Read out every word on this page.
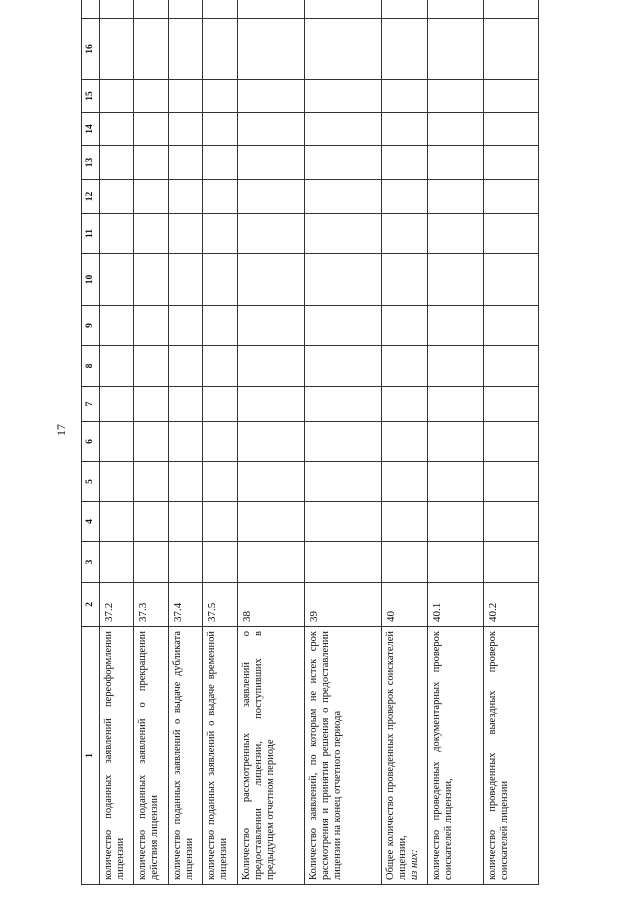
17
1	2	3	4	5	6	7	8	9	10	11	12	13	14	15	16	
количество поданных заявлений переоформлении лицензии	37.2															
количество поданных заявлений о прекращении действия лицензии	37.3															
количество поданных заявлений о выдаче дубликата лицензии	37.4															
количество поданных заявлений о выдаче временной лицензии	37.5															
Количество рассмотренных заявлений о предоставлении лицензии, поступивших в предыдущем отчетном периоде	38															
Количество заявлений, по которым не истек срок рассмотрения и принятия решения о предоставлении лицензии на конец отчетного периода	39															
Общее количество проведенных проверок соискателей лицензии,
из них:	40															
количество проведенных документарных проверок соискателей лицензии,	40.1															
количество проведенных выездных проверок соискателей лицензии	40.2															
